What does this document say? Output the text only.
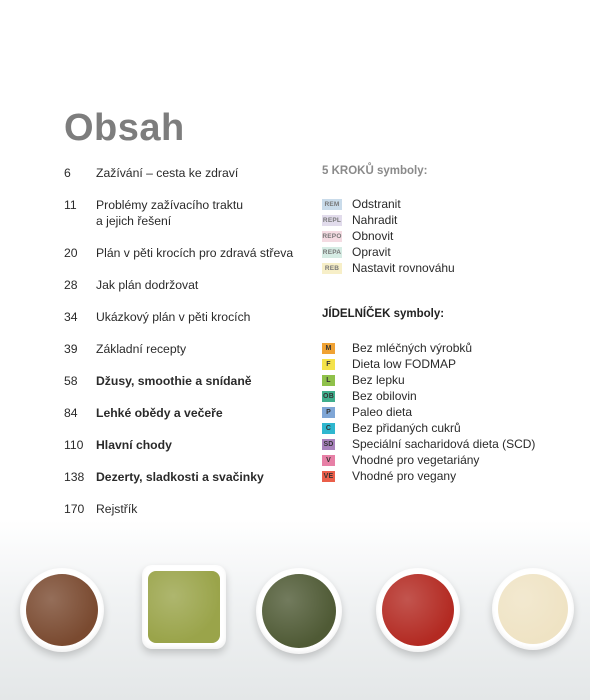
Obsah
6	Zažívání – cesta ke zdraví
11	Problémy zažívacího traktu
a jejich řešení
20	Plán v pěti krocích pro zdravá střeva
28	Jak plán dodržovat
34	Ukázkový plán v pěti krocích
39	Základní recepty
58	Džusy, smoothie a snídaně
84	Lehké obědy a večeře
110	Hlavní chody
138 Dezerty, sladkosti a svačinky
170 Rejstřík
5 KROKŮ symboly:
JÍDELNÍČEK symboly:
REM Odstranit
REPL Nahradit
REPO Obnovit
REPA Opravit
REB Nastavit rovnováhu
M Bez mléčných výrobků
F	Dieta low FODMAP
L	Bez lepku
OB Bez obilovin
P	Paleo dieta
C	Bez přidaných cukrů
SD Speciální sacharidová dieta (SCD)
V	Vhodné pro vegetariány
VE Vhodné pro vegany
